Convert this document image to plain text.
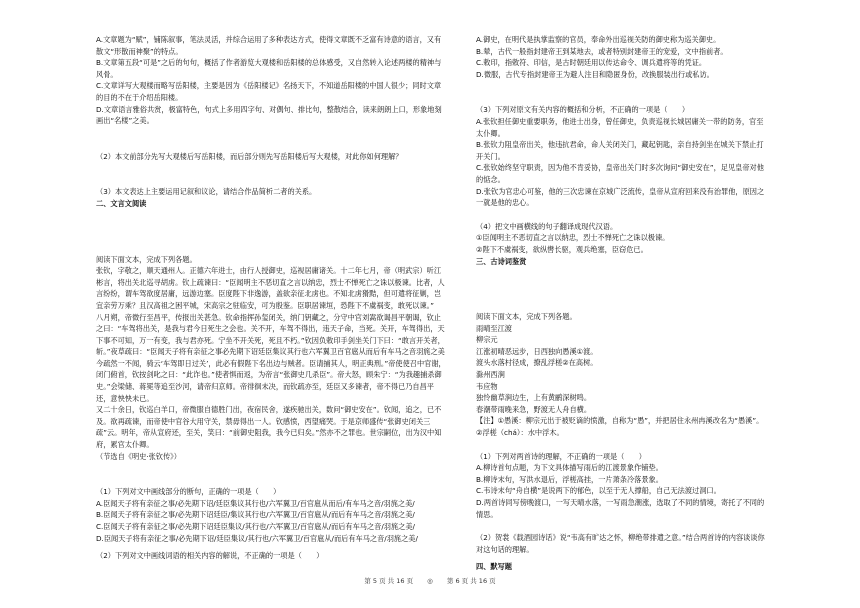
A.文章题为“赋”，铺陈叙事，笔法灵活，并综合运用了多种表达方式，使得文章既不乏富有诗意的语言，又有散文“形散而神聚”的特点。

B.文章第五段“可是”之后的句句，概括了作者游览大观楼和岳阳楼的总体感受，又自然转入论述两楼的精神与风骨。

C.文章详写大观楼而略写岳阳楼，主要是因为《岳阳楼记》名扬天下，不知道岳阳楼的中国人很少；同时文章的目的不在于介绍岳阳楼。

D.文章语言雅俗共赏，极富特色，句式上多用四字句、对偶句、排比句，整散结合，读来朗朗上口，形象地刻画出“名楼”之美。

（2）本文前部分先写大观楼后写岳阳楼，而后部分则先写岳阳楼后写大观楼，对此你如何理解？

（3）本文表达上主要运用记叙和议论，请结合作品简析二者的关系。

二、文言文阅读

阅读下面文本，完成下列各题。

张钦，字敬之，顺天通州人。正德六年进士，由行人授御史，巡视居庸诸关。十二年七月，帝（明武宗）听江彬言，将出关北巡寻胡虏。钦上疏谏曰：“臣闻明主不恶切直之言以纳忠，烈士不惮死亡之诛以极谏。比者，人言纷纷，谓车驾欲度居庸，远游边塞。臣度陛下非逸游，盖欲亲征北虏也。不知北虏猾黠，但可遣将征剿，岂宜亲劳万乘？且汉高祖之困平城，宋高宗之驻临安，可为殷鉴。臣职居谏垣，恐陛下不虞祸变，敢死以谏。”

八月朔，帝微行至昌平，传报出关甚急。钦命指挥孙玺闭关，纳门钥藏之，分守中官刘嵩欲谒昌平朝谒，钦止之曰：“车驾将出关，是我与君今日死生之会也。关不开，车驾不得出，违天子命，当死。关开，车驾得出，天下事不可知，万一有变，我与君亦死。宁坐不开关死，死且不朽。”钦因负敕印手剑坐关门下曰：“敢言开关者，斩。”夜草疏曰：“臣闻天子将有亲征之事必先期下诏廷臣集议其行也六军翼卫百官扈从而后有车马之音羽旄之美今疏然一不闻，骑云‘车驾即日过关’，此必有假陛下名出边与贼者。臣请捕其人，明正典刑。”帝使使召中官谢，闭门俯首，钦按剑叱之曰：“此诈也。”使者惧而返，为帝言“张御史几杀臣”。帝大怒，顾朱宁：“为我趣捕杀御史。”会梁储、蒋冕等追至沙河，请帝归京师。帝徘徊未决，而钦疏亦至，廷臣又多谏者，帝不得已乃自昌平还，意怏怏未已。

又二十余日，钦巡白羊口，帝微服自德胜门出，夜宿民舍，遂疾驰出关，数问“御史安在”。钦闻，追之，已不及。欲再疏谏，而帝使中官谷大用守关，禁毋得出一人。钦感愤，西望痛哭。于是京师盛传“张御史闭关三疏”云。明年，帝从宣府还，至关，笑曰：“前御史阻我，我今已归矣。”然亦不之罪也。世宗嗣位，出为汉中知府，累官太仆卿。

（节选自《明史·张钦传》）

（1）下列对文中画线部分的断句，正确的一项是（　　）

A.臣闻天子将有亲征之事/必先期下诏/廷臣集议其行也/六军翼卫/百官扈从而后/有车马之音/羽旄之美/

B.臣闻天子将有亲征之事/必先期下诏廷臣/集议其行也/六军翼卫/百官扈从/而后有车马之音/羽旄之美/

C.臣闻天子将有亲征之事/必先期下诏廷臣集议/其行也/六军翼卫/百官扈从/而后有车马之音/羽旄之美/

D.臣闻天子将有亲征之事/必先期下诏/廷臣集议/其行也/六军翼卫/百官扈从/而后有车马之音/羽旄之美/

（2）下列对文中画线词语的相关内容的解说，不正确的一项是（　　）

A.御史，在明代是执掌监察的官员，奉命外出巡视关防的御史称为巡关御史。

B.辇，古代一般指封建帝王到某地去，或者特别封建帝王的宠爱，文中指前者。

C.敕印，指敕符、印信，是古时朝廷用以传达命令、调兵遣将等的凭证。

D.微服，古代专指封建帝王为避人注目和隐匿身份，改换服装出行或私访。

（3）下列对原文有关内容的概括和分析，不正确的一项是（　　）

A.张钦担任御史重要职务，他进士出身，曾任御史，负责巡视长城居庸关一带的防务，官至太仆卿。

B.张钦力阻皇帝出关，他违抗君命，命人关闭关门，藏起钥匙，亲自持剑坐在城关下禁止打开关门。

C.张钦始终坚守职责，因为他不肯妥协，皇帝出关门时多次询问“御史安在”，足见皇帝对他的惦念。

D.张钦为官忠心可鉴，他的三次忠谏在京城广泛流传，皇帝从宣府回来没有治罪他，原因之一就是他的忠心。

（4）把文中画横线的句子翻译成现代汉语。

①臣闻明主不恶切直之言以纳忠，烈士不惮死亡之诛以极谏。

②陛下不虞祸变，欲纵辔长驱，观兵绝塞，臣窃危已。

三、古诗词鉴赏

阅读下面文本，完成下列各题。

雨晴至江渡

柳宗元

江涨初晴恶远步，日西独向愚溪①渡。

渡头水落村径成，撩乱浮槎②在高树。

滁州西涧

韦应物

独怜幽草涧边生，上有黄鹂深树鸣。

春潮带雨晚来急，野渡无人舟自横。

【注】①愚溪：柳宗元出于被贬谪的愤激，自称为“愚”，并把居住永州冉溪改名为“愚溪”。②浮槎（chá）：水中浮木。

（1）下列对两首诗的理解，不正确的一项是（　　）

A.柳诗首句点题，为下文具体描写雨后的江渡景象作铺垫。

B.柳诗末句，写洪水退后，浮槎高挂，一片萧条冷落景象。

C.韦诗末句“舟自横”是说两下的郁色，以至于无人撑船，自己无法渡过洞口。

D.两首诗同写傍晚渡口，一写天晴水落，一写雨急潮涨，选取了不同的情境，寄托了不同的情思。

（2）贺裳《载酒园诗话》说“韦高有旷达之怀，柳绝带排遣之意。”结合两首诗的内容谈谈你对这句话的理解。

四、默写题

第 5 页 共 16 页 ◎ 第 6 页 共 16 页
